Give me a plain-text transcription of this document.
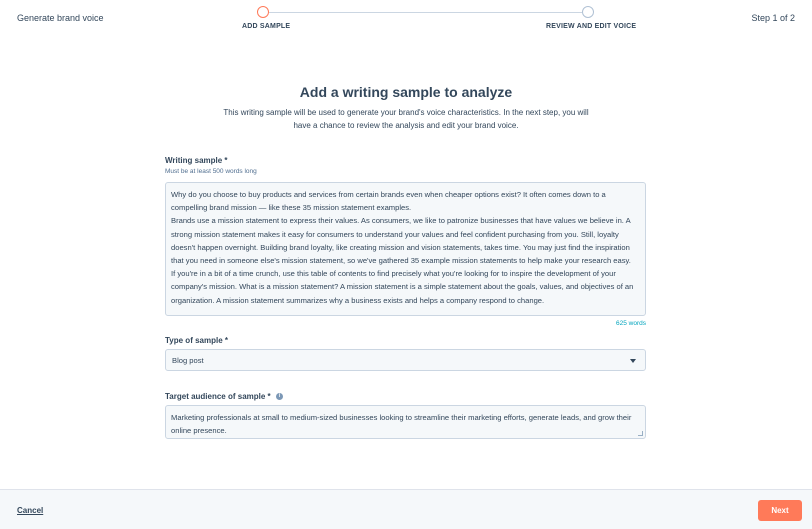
Generate brand voice
ADD SAMPLE	REVIEW AND EDIT VOICE
Step 1 of 2
Add a writing sample to analyze

This writing sample will be used to generate your brand's voice characteristics. In the next step, you will have a chance to review the analysis and edit your brand voice.

Writing sample *
Must be at least 500 words long

Why do you choose to buy products and services from certain brands even when cheaper options exist? It often comes down to a compelling brand mission — like these 35 mission statement examples.

Brands use a mission statement to express their values. As consumers, we like to patronize businesses that have values we believe in. A strong mission statement makes it easy for consumers to understand your values and feel confident purchasing from you. Still, loyalty doesn't happen overnight. Building brand loyalty, like creating mission and vision statements, takes time. You may just find the inspiration that you need in someone else's mission statement, so we've gathered 35 example mission statements to help make your research easy.

If you're in a bit of a time crunch, use this table of contents to find precisely what you're looking for to inspire the development of your company's mission. What is a mission statement? A mission statement is a simple statement about the goals, values, and objectives of an organization. A mission statement summarizes why a business exists and helps a company respond to change.

625 words
Type of sample *
Blog post
Target audience of sample *	i
Marketing professionals at small to medium-sized businesses looking to streamline their marketing efforts, generate leads, and grow their online presence.
Cancel	Next
